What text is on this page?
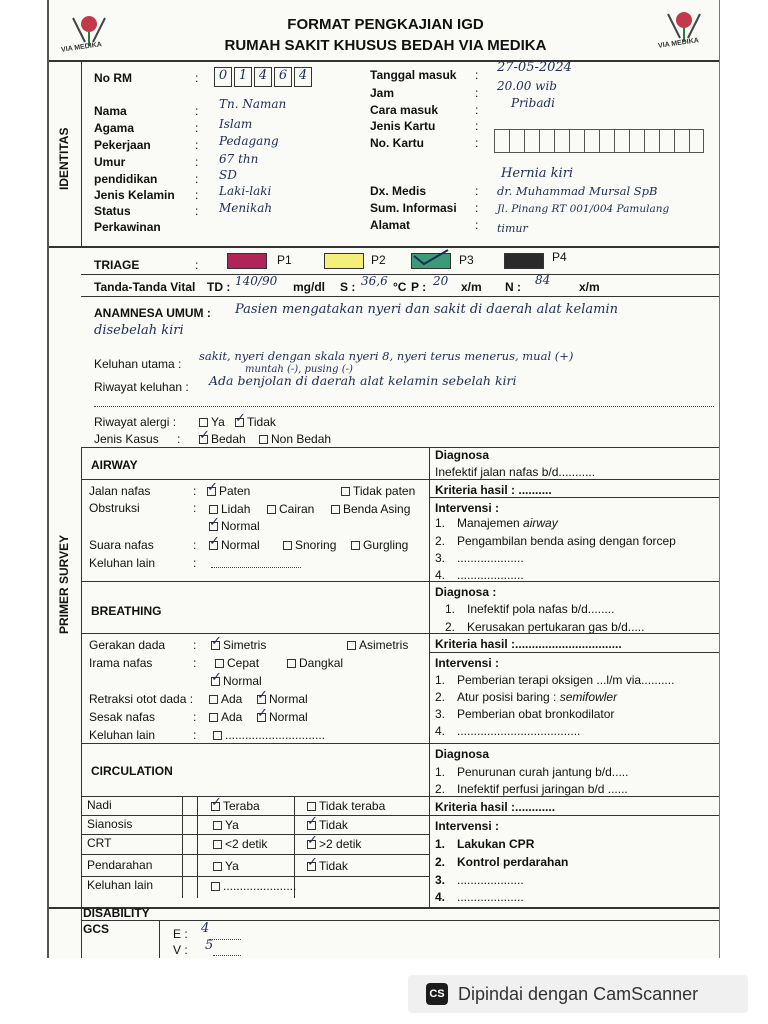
VIA MEDIKA	VIA MEDIKA
FORMAT PENGKAJIAN IGD
RUMAH SAKIT KHUSUS BEDAH VIA MEDIKA
IDENTITAS
No RM	:	0 1 4 6 4
Nama	: Tn. Naman
Agama	: Islam
Pekerjaan	: Pedagang
Umur	: 67 thn
pendidikan	: SD
Jenis Kelamin : Laki-laki
Status	: Menikah
Perkawinan
Tanggal masuk : 27-05-2024
Jam	: 20.00 wib
Cara masuk	:	Pribadi
Jenis Kartu	:
No. Kartu	:
Dx. Medis	:
Hernia kiri
Sum. Informasi :
dr. Muhammad Mursal SpB
Alamat	:
Jl. Pinang RT 001/004 Pamulang
timur
TRIAGE	:	P1	P2	P3	P4
Tanda-Tanda Vital TD : 140/90 mg/dl S : 36,6 °C P : 20 x/m N : 84 x/m
ANAMNESA UMUM : Pasien mengatakan nyeri dan sakit di daerah alat kelamin
disebelah kiri
Keluhan utama :
sakit, nyeri dengan skala nyeri 8, nyeri terus menerus, mual (+)
muntah (-), pusing (-)
Riwayat keluhan : Ada benjolan di daerah alat kelamin sebelah kiri
Riwayat alergi :	Ya ✓	Tidak
Jenis Kasus : ✓	Bedah	Non Bedah
PRIMER SURVEY
AIRWAY
Diagnosa
Inefektif jalan nafas b/d...........
Jalan nafas	: ✓	Paten	Tidak paten
Obstruksi	:	Lidah	Cairan	Benda Asing
✓Normal
Suara nafas	: ✓	Normal	Snoring	Gurgling
Keluhan lain	:
Kriteria hasil : ..........
Intervensi :
1. Manajemen airway
2. Pengambilan benda asing dengan forcep
3. ....................
4. ....................
BREATHING
Diagnosa :
1. Inefektif pola nafas b/d........
2. Kerusakan pertukaran gas b/d.....
Gerakan dada : ✓	Simetris	Asimetris
Irama nafas	:	Cepat	Dangkal
✓Normal
Retraksi otot dada :	Ada ✓	Normal
Sesak nafas	:	Ada ✓	Normal
Keluhan lain	:	..............................
Kriteria hasil :................................
Intervensi :
1. Pemberian terapi oksigen ...l/m via..........
2. Atur posisi baring : semifowler
3. Pemberian obat bronkodilator
4. .....................................
CIRCULATION
Diagnosa
1. Penurunan curah jantung b/d.....
2. Inefektif perfusi jaringan b/d ......
Nadi ✓	Teraba	Tidak teraba
Sianosis	Ya ✓	Tidak
CRT	<2 detik ✓	>2 detik
Pendarahan	Ya ✓	Tidak
Keluhan lain	......................
Kriteria hasil :............
Intervensi :
1. Lakukan CPR
2. Kontrol perdarahan
3. ....................
4. ....................
DISABILITY
GCS	E : 4
V : 5
CS Dipindai dengan CamScanner
